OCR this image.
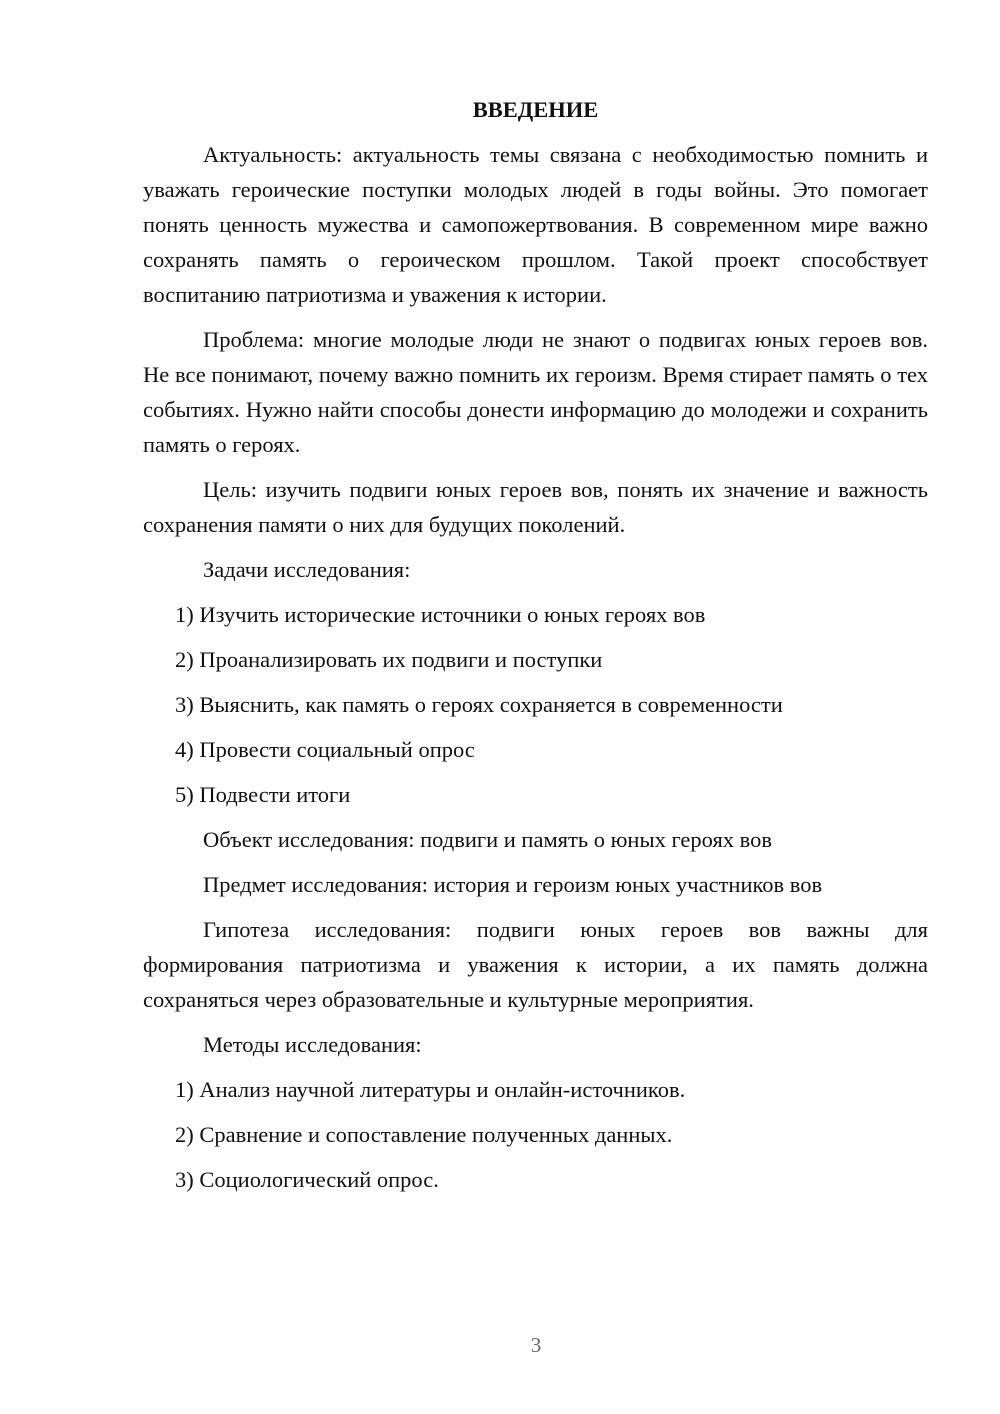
ВВЕДЕНИЕ

Актуальность: актуальность темы связана с необходимостью помнить и уважать героические поступки молодых людей в годы войны. Это помогает понять ценность мужества и самопожертвования. В современном мире важно сохранять память о героическом прошлом. Такой проект способствует воспитанию патриотизма и уважения к истории.

Проблема: многие молодые люди не знают о подвигах юных героев вов. Не все понимают, почему важно помнить их героизм. Время стирает память о тех событиях. Нужно найти способы донести информацию до молодежи и сохранить память о героях.

Цель: изучить подвиги юных героев вов, понять их значение и важность сохранения памяти о них для будущих поколений.

Задачи исследования:
1) Изучить исторические источники о юных героях вов
2) Проанализировать их подвиги и поступки
3) Выяснить, как память о героях сохраняется в современности
4) Провести социальный опрос
5) Подвести итоги
Объект исследования: подвиги и память о юных героях вов
Предмет исследования: история и героизм юных участников вов

Гипотеза исследования: подвиги юных героев вов важны для формирования патриотизма и уважения к истории, а их память должна сохраняться через образовательные и культурные мероприятия.

Методы исследования:
1) Анализ научной литературы и онлайн-источников.
2) Сравнение и сопоставление полученных данных.
3) Социологический опрос.
3
